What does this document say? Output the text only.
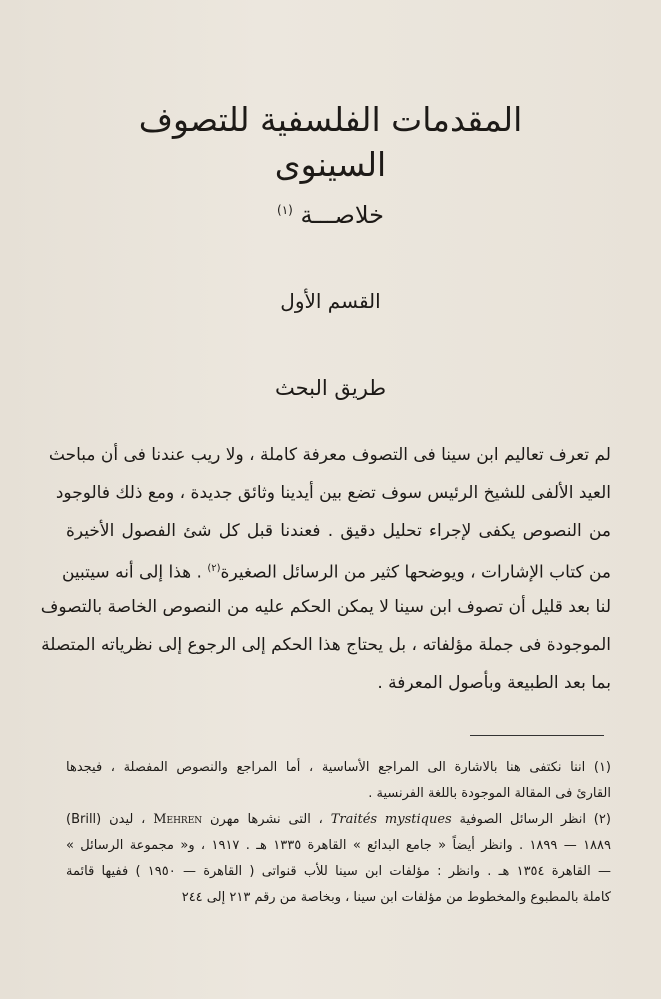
المقدمات الفلسفية للتصوف
السينوى
خلاصـــة $^{(١)}$
القسم الأول
طريق البحث
لم تعرف تعاليم ابن سينا فى التصوف معرفة كاملة ، ولا ريب عندنا فى أن مباحث
العيد الألفى للشيخ الرئيس سوف تضع بين أيدينا وثائق جديدة ، ومع ذلك فالوجود
من النصوص يكفى لإجراء تحليل دقيق . فعندنا قبل كل شئ الفصول الأخيرة
من كتاب الإشارات ، ويوضحها كثير من الرسائل الصغيرة$^{(٢)}$ . هذا إلى أنه سيتبين
لنا بعد قليل أن تصوف ابن سينا لا يمكن الحكم عليه من النصوص الخاصة بالتصوف
الموجودة فى جملة مؤلفاته ، بل يحتاج هذا الحكم إلى الرجوع إلى نظرياته المتصلة
بما بعد الطبيعة وبأصول المعرفة .
(١) اننا نكتفى هنا بالاشارة الى المراجع الأساسية ، أما المراجع والنصوص المفصلة ، فيجدها
القارئ فى المقالة الموجودة باللغة الفرنسية .
(٢) انظر الرسائل الصوفية Traités mystiques ، التى نشرها مهرن Mehren ، ليدن (Brill)
١٨٨٩ — ١٨٩٩ . وانظر أيضاً « جامع البدائع » القاهرة ١٣٣٥ هـ . ١٩١٧ ، و« مجموعة الرسائل »
— القاهرة ١٣٥٤ هـ . وانظر : مؤلفات ابن سينا للأب قنواتى ( القاهرة — ١٩٥٠ ) ففيها قائمة
كاملة بالمطبوع والمخطوط من مؤلفات ابن سينا ، وبخاصة من رقم ٢١٣ إلى ٢٤٤
